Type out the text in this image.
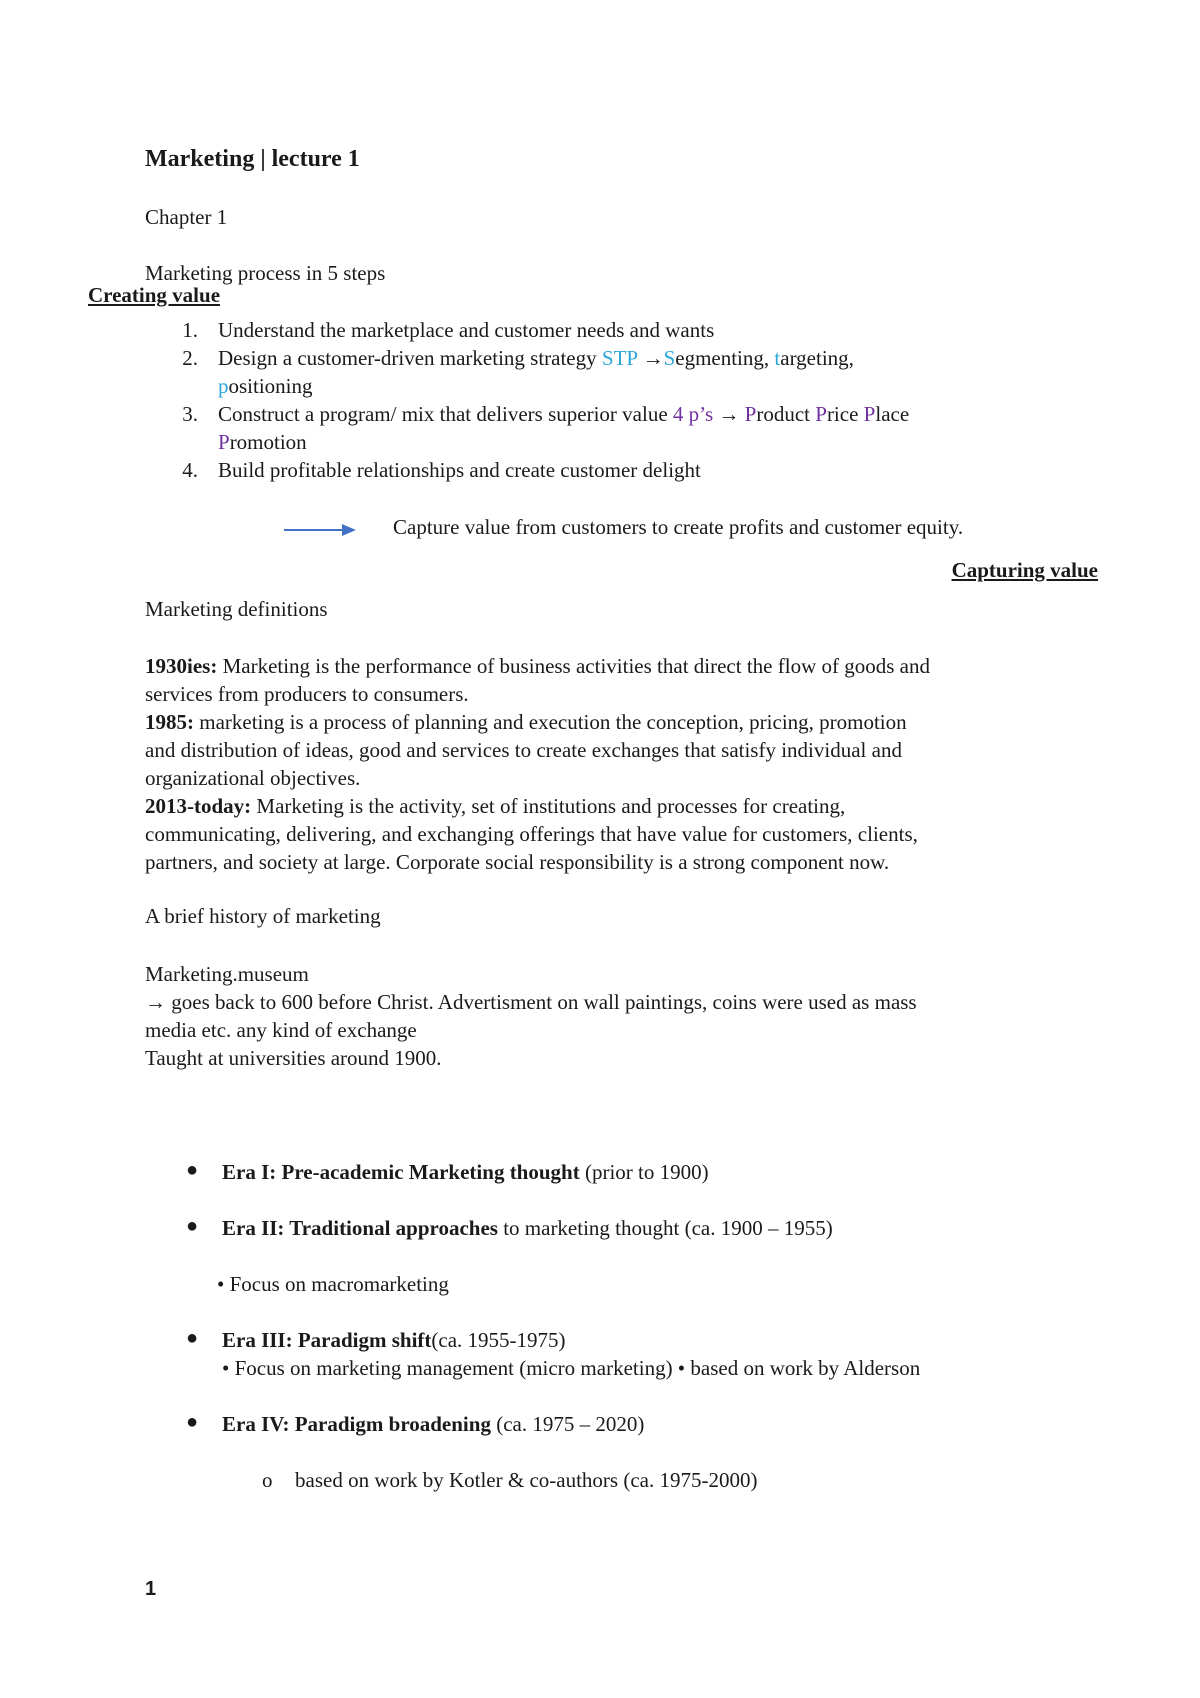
Marketing | lecture 1
Chapter 1
Marketing process in 5 steps
Creating value
1. Understand the marketplace and customer needs and wants
2. Design a customer-driven marketing strategy STP →Segmenting, targeting,
positioning
3. Construct a program/ mix that delivers superior value 4 p’s → Product Price Place
Promotion
4. Build profitable relationships and create customer delight
Capture value from customers to create profits and customer equity.
Capturing value
Marketing definitions
1930ies: Marketing is the performance of business activities that direct the flow of goods and
services from producers to consumers.
1985: marketing is a process of planning and execution the conception, pricing, promotion
and distribution of ideas, good and services to create exchanges that satisfy individual and
organizational objectives.
2013-today: Marketing is the activity, set of institutions and processes for creating,
communicating, delivering, and exchanging offerings that have value for customers, clients,
partners, and society at large. Corporate social responsibility is a strong component now.
A brief history of marketing
Marketing.museum
→ goes back to 600 before Christ. Advertisment on wall paintings, coins were used as mass
media etc. any kind of exchange
Taught at universities around 1900.
● Era I: Pre-academic Marketing thought (prior to 1900)
● Era II: Traditional approaches to marketing thought (ca. 1900 – 1955)
• Focus on macromarketing
● Era III: Paradigm shift(ca. 1955-1975)
• Focus on marketing management (micro marketing) • based on work by Alderson
● Era IV: Paradigm broadening (ca. 1975 – 2020)
o based on work by Kotler & co-authors (ca. 1975-2000)
1
